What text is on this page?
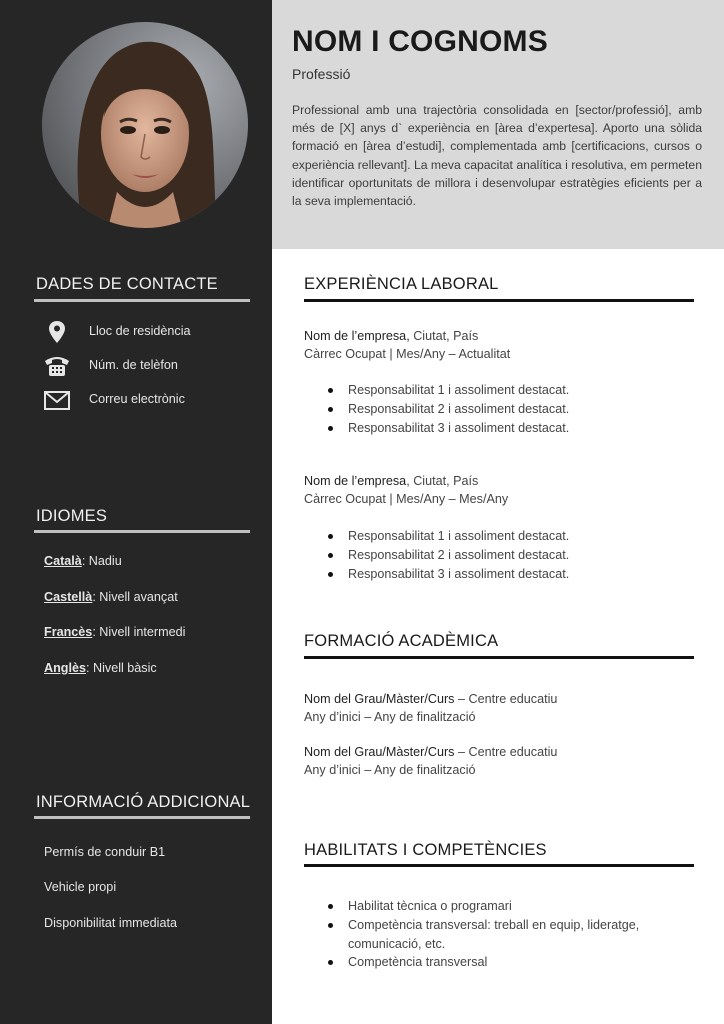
NOM I COGNOMS
Professió
Professional amb una trajectòria consolidada en [sector/professió], amb més de [X] anys d` experiència en [àrea d’expertesa]. Aporto una sòlida formació en [àrea d’estudi], complementada amb [certificacions, cursos o experiència rellevant]. La meva capacitat analítica i resolutiva, em permeten identificar oportunitats de millora i desenvolupar estratègies eficients per a la seva implementació.
DADES DE CONTACTE
Lloc de residència
Núm. de telèfon
Correu electrònic
IDIOMES
Català: Nadiu
Castellà: Nivell avançat
Francès: Nivell intermedi
Anglès: Nivell bàsic
INFORMACIÓ ADDICIONAL
Permís de conduir B1
Vehicle propi
Disponibilitat immediata
EXPERIÈNCIA LABORAL
Nom de l’empresa, Ciutat, País
Càrrec Ocupat | Mes/Any – Actualitat
Responsabilitat 1 i assoliment destacat.
Responsabilitat 2 i assoliment destacat.
Responsabilitat 3 i assoliment destacat.
Nom de l’empresa, Ciutat, País
Càrrec Ocupat | Mes/Any – Mes/Any
Responsabilitat 1 i assoliment destacat.
Responsabilitat 2 i assoliment destacat.
Responsabilitat 3 i assoliment destacat.
FORMACIÓ ACADÈMICA
Nom del Grau/Màster/Curs – Centre educatiu
Any d’inici – Any de finalització
Nom del Grau/Màster/Curs – Centre educatiu
Any d’inici – Any de finalització
HABILITATS I COMPETÈNCIES
Habilitat tècnica o programari
Competència transversal: treball en equip, lideratge, comunicació, etc.
Competència transversal
